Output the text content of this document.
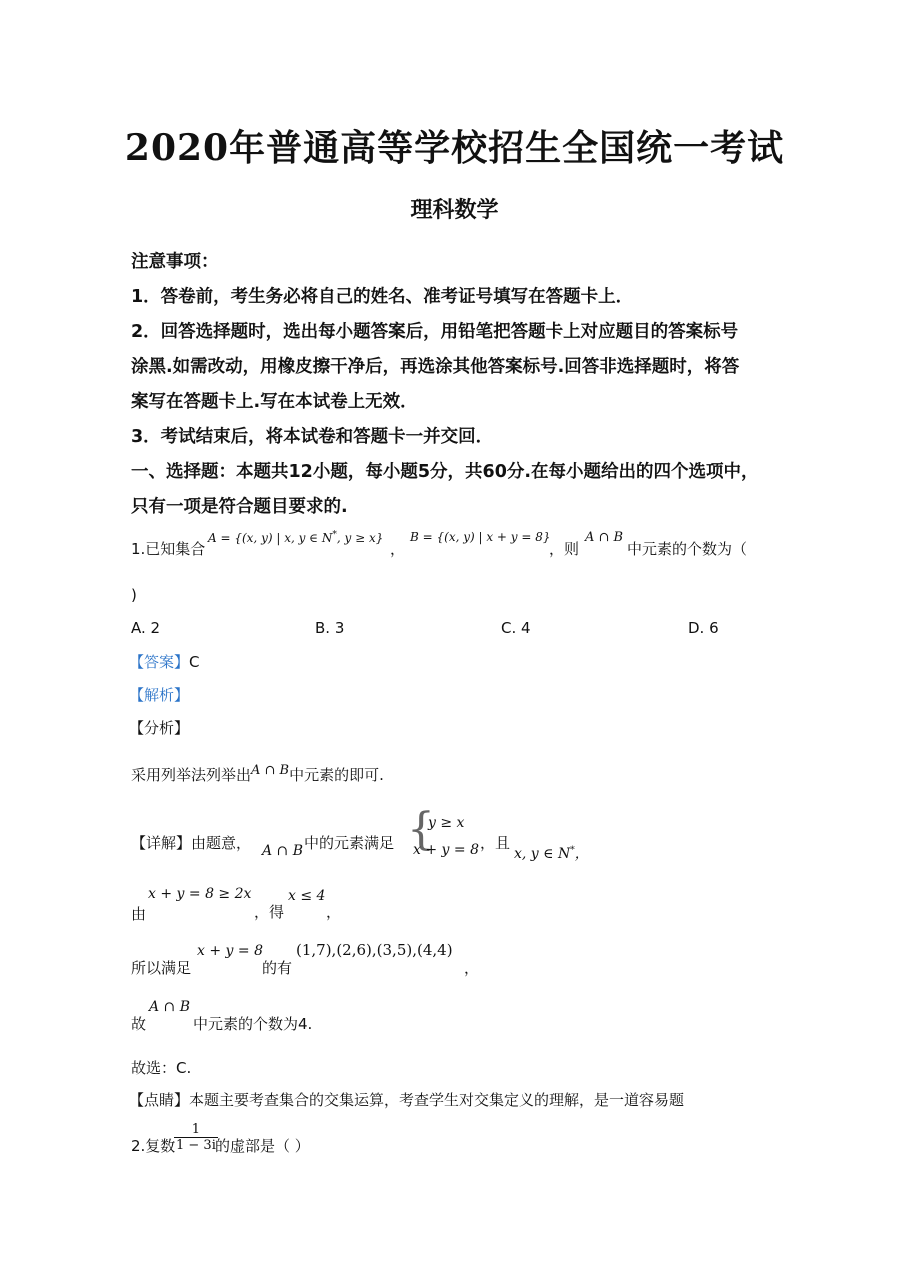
2020年普通高等学校招生全国统一考试
理科数学
注意事项：
1．答卷前，考生务必将自己的姓名、准考证号填写在答题卡上．
2．回答选择题时，选出每小题答案后，用铅笔把答题卡上对应题目的答案标号
涂黑.如需改动，用橡皮擦干净后，再选涂其他答案标号.回答非选择题时，将答
案写在答题卡上.写在本试卷上无效．
3．考试结束后，将本试卷和答题卡一并交回．
一、选择题：本题共12小题，每小题5分，共60分.在每小题给出的四个选项中，
只有一项是符合题目要求的.
1.已知集合
A = {(x, y) | x, y ∈ N*, y ≥ x}
，
B = {(x, y) | x + y = 8}
，则
A ∩ B
中元素的个数为（
)
A. 2	B. 3	C. 4	D. 6
【答案】C
【解析】
【分析】
采用列举法列举出A ∩ B中元素的即可.
【详解】由题意， A ∩ B 中的元素满足 {
y ≥ x
x + y = 8 ，且
x, y ∈ N*，
由
x + y = 8 ≥ 2x
，得
x ≤ 4
，
所以满足
x + y = 8
的有
(1,7),(2,6),(3,5),(4,4)
，
故
A ∩ B
中元素的个数为4.
故选：C.
【点睛】本题主要考查集合的交集运算，考查学生对交集定义的理解，是一道容易题
2.复数
$\frac{1}{1 - 3i}$
的虚部是（ ）
